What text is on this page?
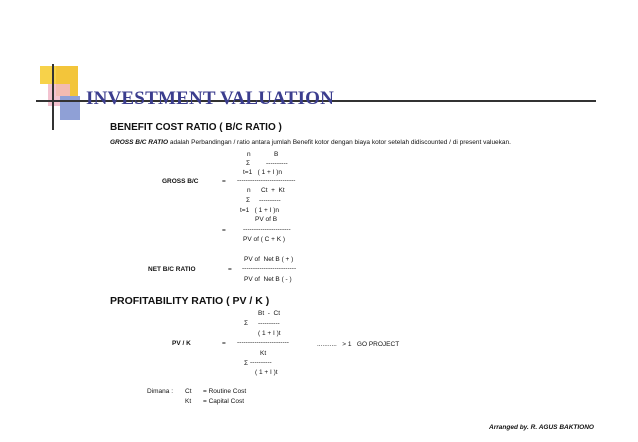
INVESTMENT VALUATION
BENEFIT COST RATIO ( B/C RATIO )
GROSS B/C RATIO adalah Perbandingan / ratio antara jumlah Benefit kotor dengan biaya kotor setelah didiscounted / di present valuekan.
n	B
Σ ----------
t=1   ( 1 + I )n
GROSS B/C	= ---------------------------
n Ct  +  Kt
Σ ----------
t=1   ( 1 + I )n
PV of B
=	----------------------
PV of ( C + K )
PV of  Net B ( + )
NET B/C RATIO	= -------------------------
PV of  Net B ( - )
PROFITABILITY RATIO ( PV / K )
Bt  -  Ct
Σ ----------
( 1 + I )t
PV / K	= ------------------------	...........   > 1   GO PROJECT
Kt
Σ ----------
( 1 + I )t
Dimana : Ct = Routine Cost
Kt = Capital Cost
Arranged by. R. AGUS BAKTIONO
